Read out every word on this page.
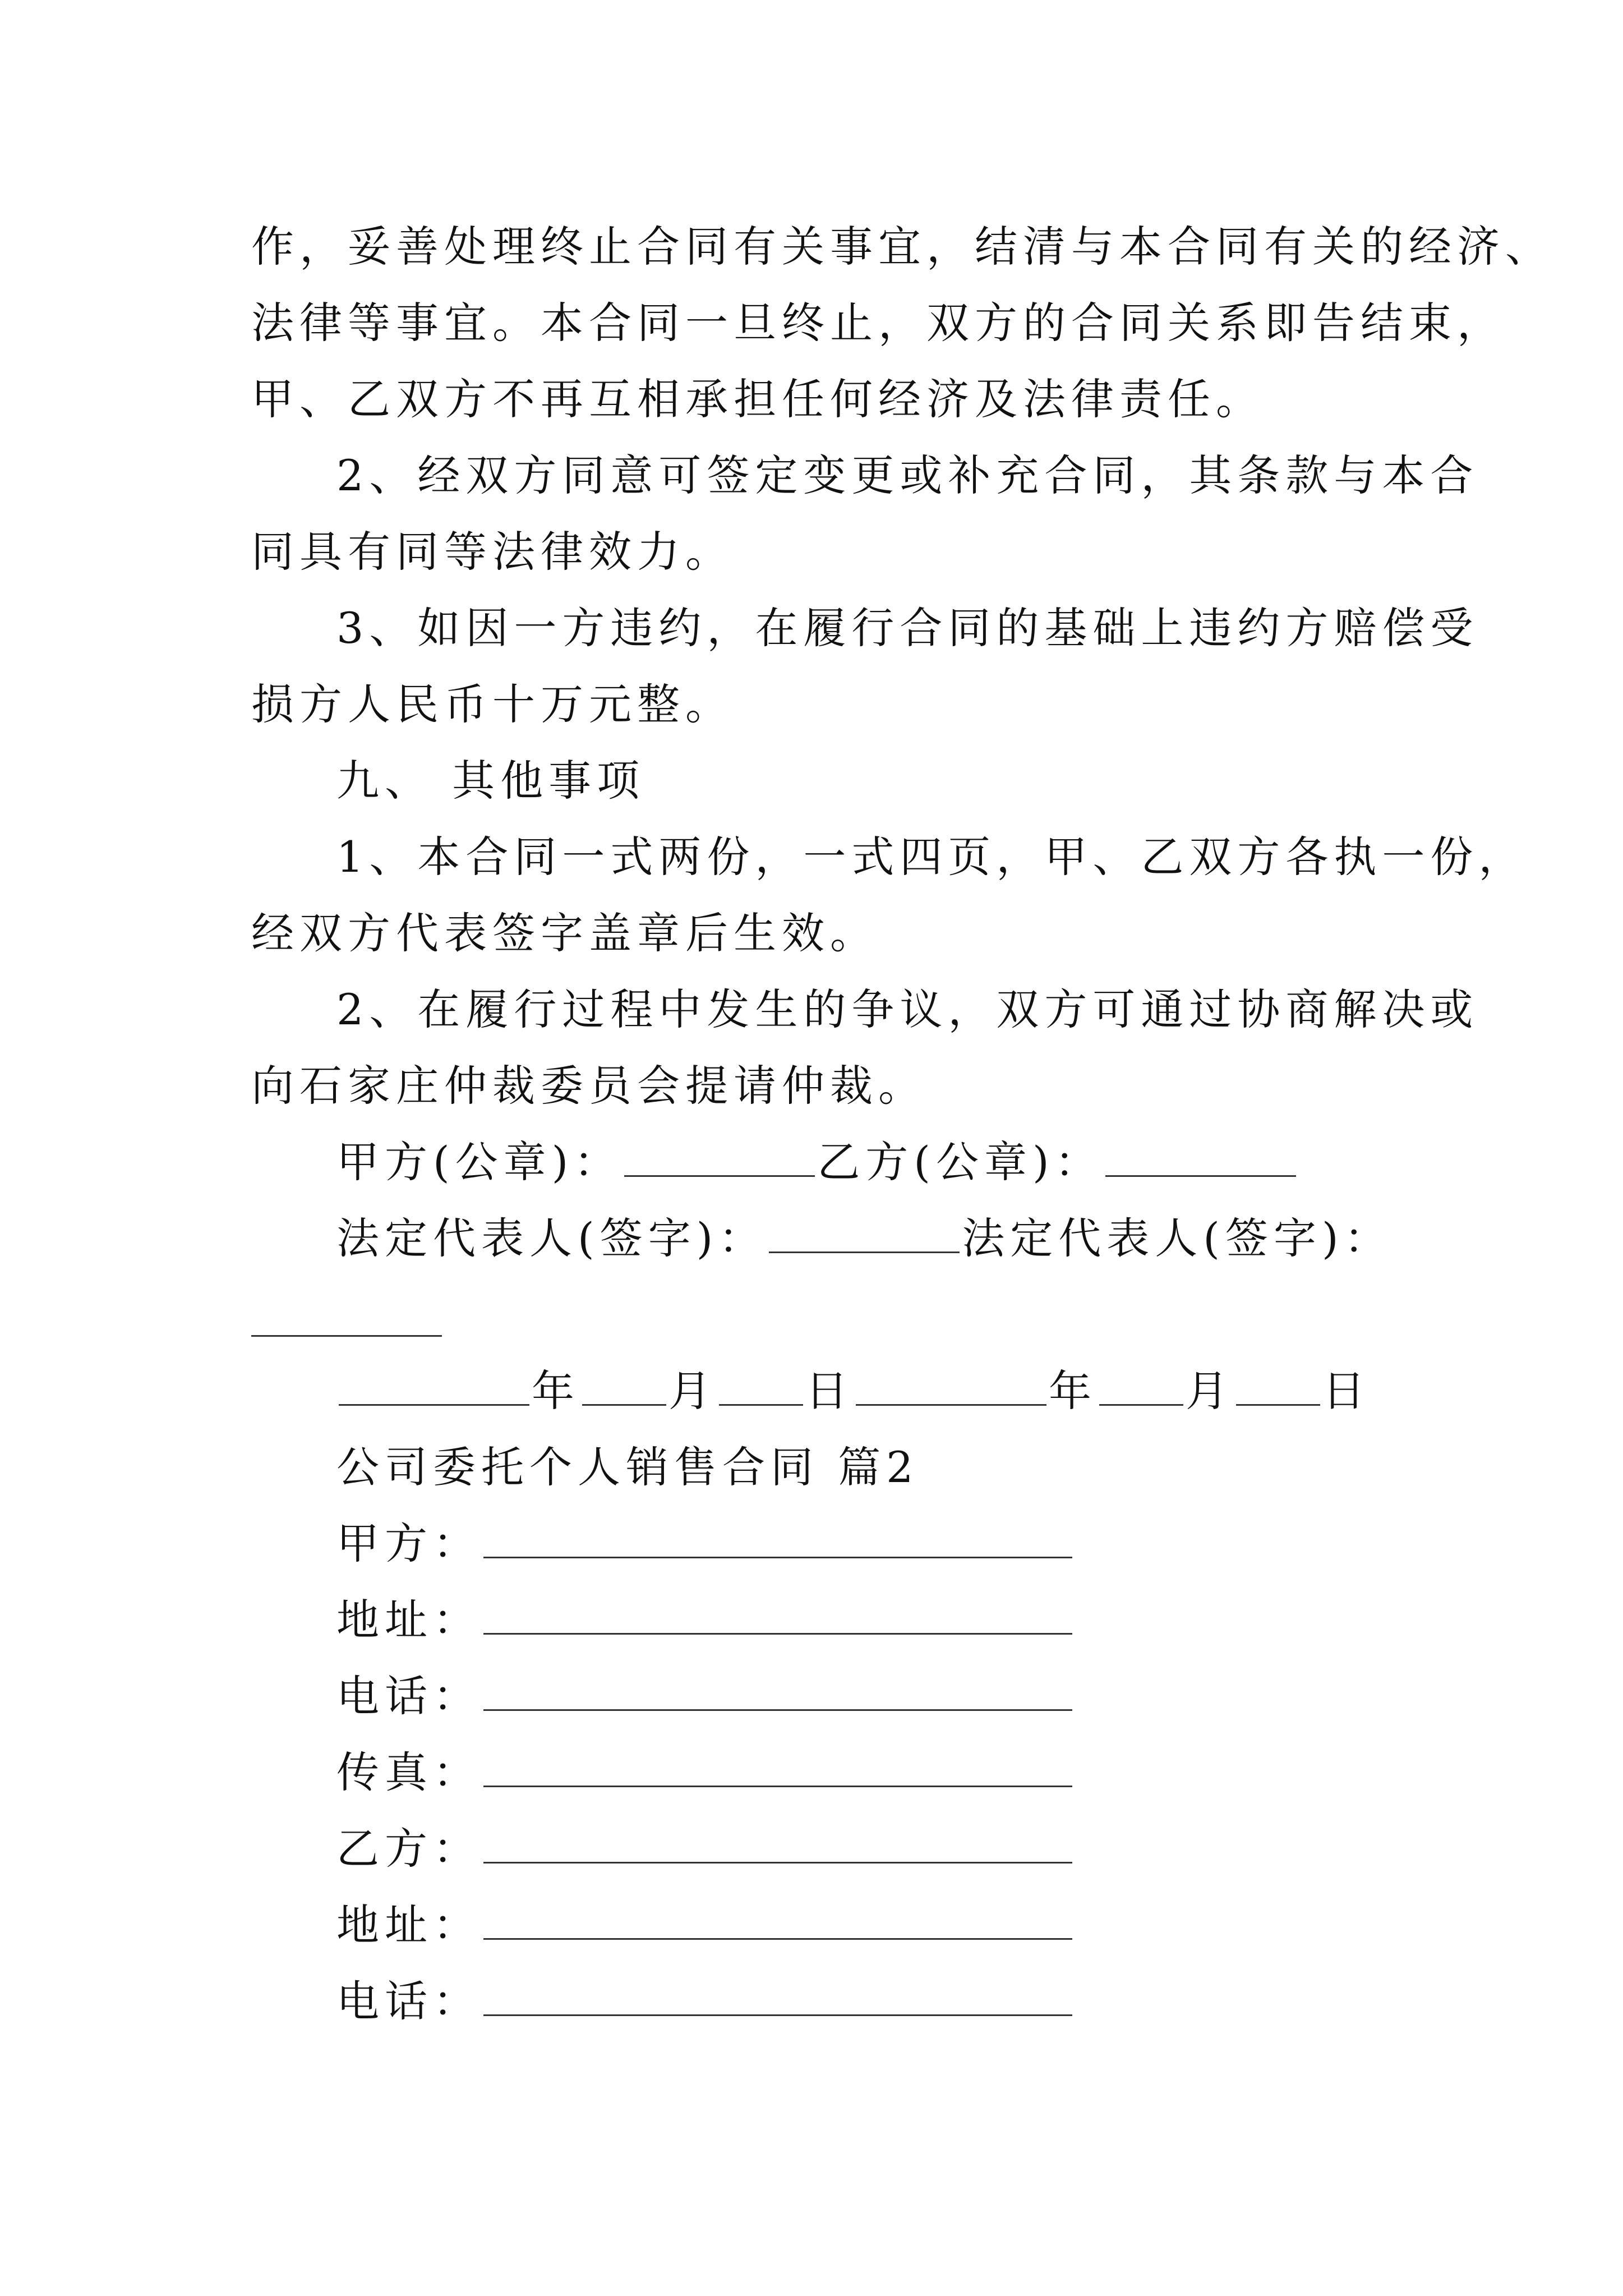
作，妥善处理终止合同有关事宜，结清与本合同有关的经济、
法律等事宜。本合同一旦终止，双方的合同关系即告结束，
甲、乙双方不再互相承担任何经济及法律责任。
2、经双方同意可签定变更或补充合同，其条款与本合
同具有同等法律效力。
3、如因一方违约，在履行合同的基础上违约方赔偿受
损方人民币十万元整。
九、 其他事项
1、本合同一式两份，一式四页，甲、乙双方各执一份，
经双方代表签字盖章后生效。
2、在履行过程中发生的争议，双方可通过协商解决或
向石家庄仲裁委员会提请仲裁。
甲方(公章)：	乙方(公章)：
法定代表人(签字)：	法定代表人(签字)：
年 月 日	年 月 日
公司委托个人销售合同 篇2
甲方：
地址：
电话：
传真：
乙方：
地址：
电话：
